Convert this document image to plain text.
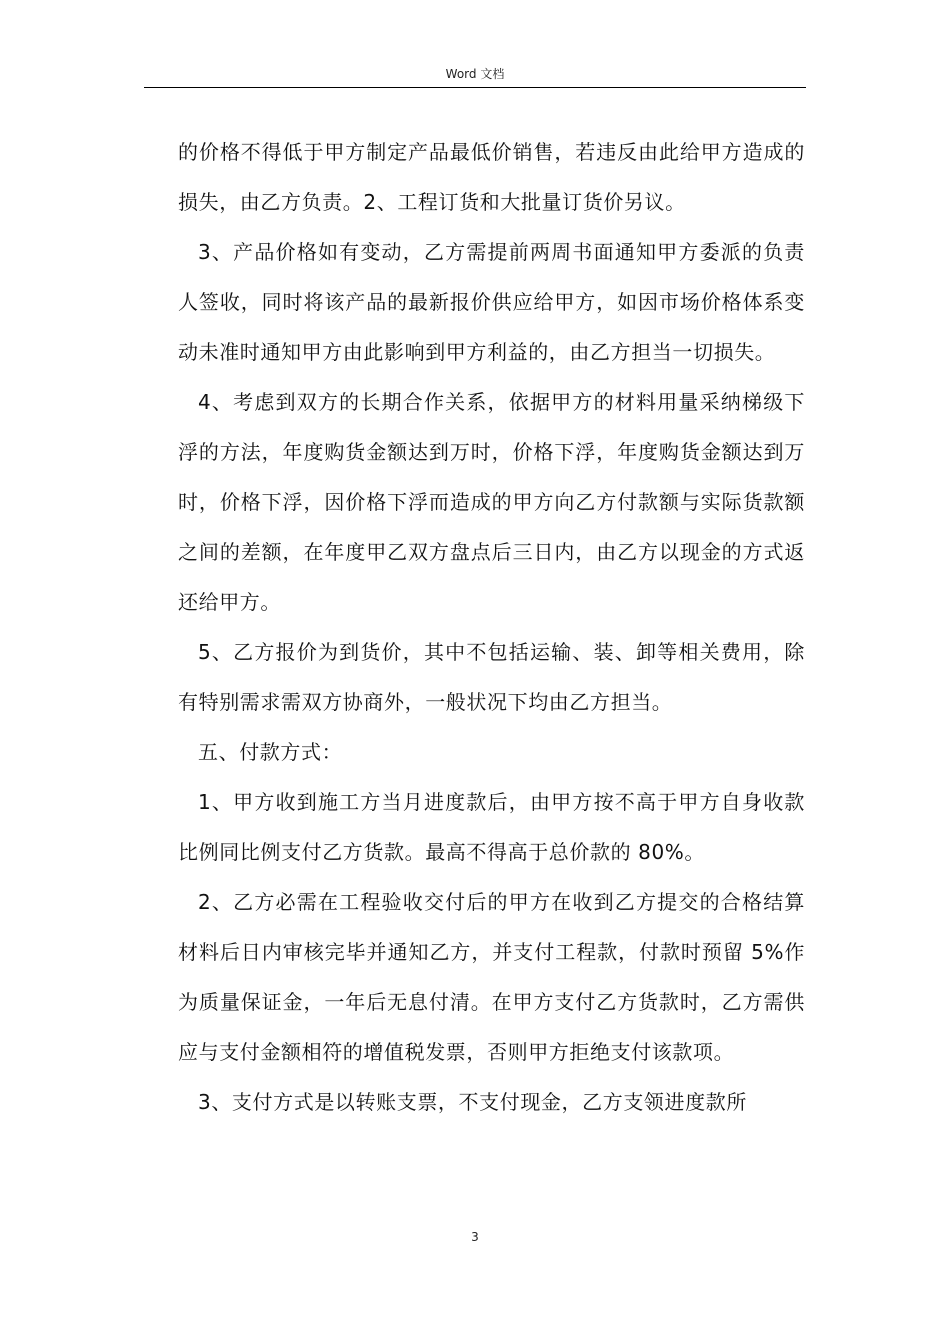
Word 文档

的价格不得低于甲方制定产品最低价销售，若违反由此给甲方造成的损失，由乙方负责。2、工程订货和大批量订货价另议。

3、产品价格如有变动，乙方需提前两周书面通知甲方委派的负责人签收，同时将该产品的最新报价供应给甲方，如因市场价格体系变动未准时通知甲方由此影响到甲方利益的，由乙方担当一切损失。

4、考虑到双方的长期合作关系，依据甲方的材料用量采纳梯级下浮的方法，年度购货金额达到万时，价格下浮，年度购货金额达到万时，价格下浮，因价格下浮而造成的甲方向乙方付款额与实际货款额之间的差额，在年度甲乙双方盘点后三日内，由乙方以现金的方式返还给甲方。

5、乙方报价为到货价，其中不包括运输、装、卸等相关费用，除有特别需求需双方协商外，一般状况下均由乙方担当。

五、付款方式：

1、甲方收到施工方当月进度款后，由甲方按不高于甲方自身收款比例同比例支付乙方货款。最高不得高于总价款的 80%。

2、乙方必需在工程验收交付后的甲方在收到乙方提交的合格结算材料后日内审核完毕并通知乙方，并支付工程款，付款时预留 5%作为质量保证金，一年后无息付清。在甲方支付乙方货款时，乙方需供应与支付金额相符的增值税发票，否则甲方拒绝支付该款项。

3、支付方式是以转账支票，不支付现金，乙方支领进度款所

3
